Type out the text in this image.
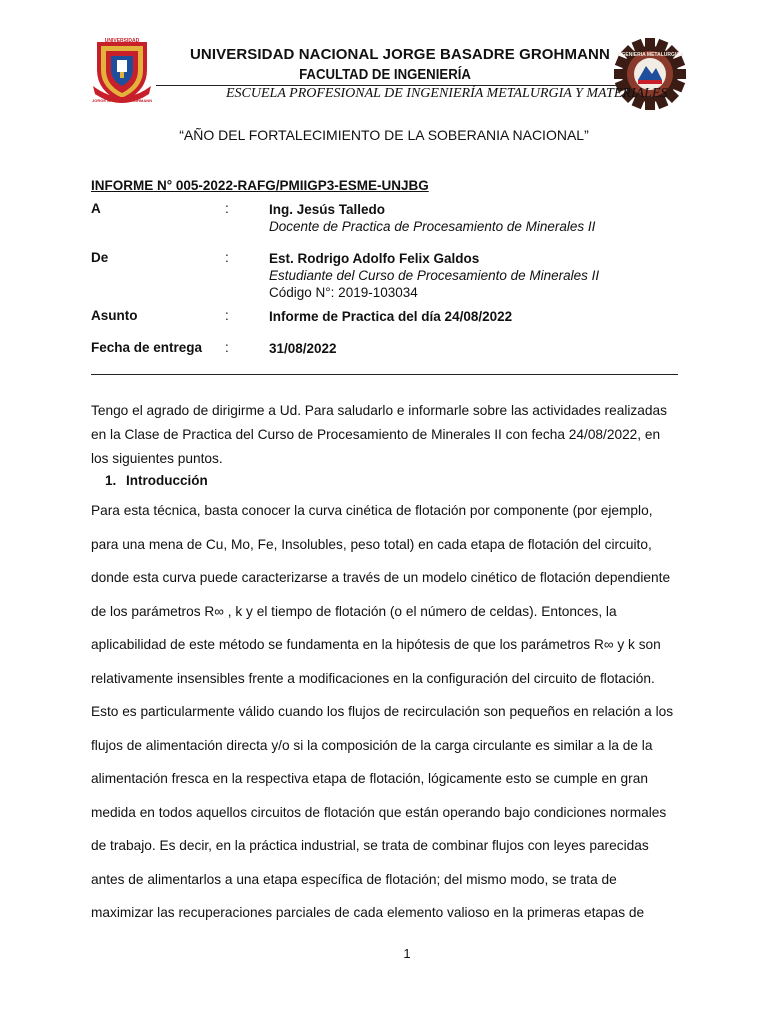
UNIVERSIDAD
JORGE BASADRE GROHMANN
INGENIERIA METALURGICA
UNIVERSIDAD NACIONAL JORGE BASADRE GROHMANN
FACULTAD DE INGENIERÍA
ESCUELA PROFESIONAL DE INGENIERÍA METALURGIA Y MATERIALES
“AÑO DEL FORTALECIMIENTO DE LA SOBERANIA NACIONAL”
INFORME N° 005-2022-RAFG/PMIIGP3-ESME-UNJBG
A	:	Ing. Jesús Talledo
Docente de Practica de Procesamiento de Minerales II
De	:	Est. Rodrigo Adolfo Felix Galdos
Estudiante del Curso de Procesamiento de Minerales II
Código N°: 2019-103034
Asunto	:	Informe de Practica del día 24/08/2022
Fecha de entrega :	31/08/2022
Tengo el agrado de dirigirme a Ud. Para saludarlo e informarle sobre las actividades realizadas en la Clase de Practica del Curso de Procesamiento de Minerales II con fecha 24/08/2022, en los siguientes puntos.
1. Introducción

Para esta técnica, basta conocer la curva cinética de flotación por componente (por ejemplo,

para una mena de Cu, Mo, Fe, Insolubles, peso total) en cada etapa de flotación del circuito,

donde esta curva puede caracterizarse a través de un modelo cinético de flotación dependiente

de los parámetros R∞ , k y el tiempo de flotación (o el número de celdas). Entonces, la

aplicabilidad de este método se fundamenta en la hipótesis de que los parámetros R∞ y k son

relativamente insensibles frente a modificaciones en la configuración del circuito de flotación.

Esto es particularmente válido cuando los flujos de recirculación son pequeños en relación a los

flujos de alimentación directa y/o si la composición de la carga circulante es similar a la de la

alimentación fresca en la respectiva etapa de flotación, lógicamente esto se cumple en gran

medida en todos aquellos circuitos de flotación que están operando bajo condiciones normales

de trabajo. Es decir, en la práctica industrial, se trata de combinar flujos con leyes parecidas

antes de alimentarlos a una etapa específica de flotación; del mismo modo, se trata de

maximizar las recuperaciones parciales de cada elemento valioso en la primeras etapas de

1
